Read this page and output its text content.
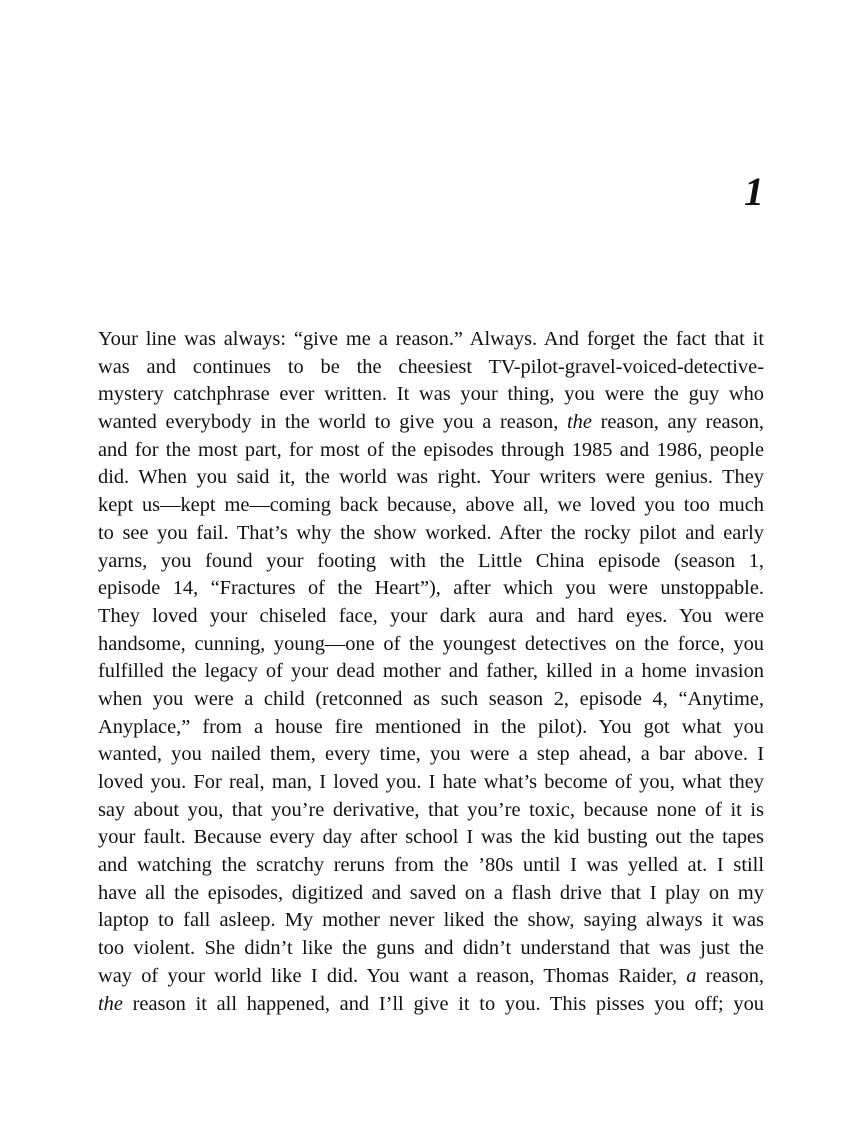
1
Your line was always: “give me a reason.” Always. And forget the fact that it
was and continues to be the cheesiest TV-pilot-gravel-voiced-detective-
mystery catchphrase ever written. It was your thing, you were the guy who
wanted everybody in the world to give you a reason, the reason, any reason,
and for the most part, for most of the episodes through 1985 and 1986, people
did. When you said it, the world was right. Your writers were genius. They
kept us—kept me—coming back because, above all, we loved you too much
to see you fail. That’s why the show worked. After the rocky pilot and early
yarns, you found your footing with the Little China episode (season 1,
episode 14, “Fractures of the Heart”), after which you were unstoppable.
They loved your chiseled face, your dark aura and hard eyes. You were
handsome, cunning, young—one of the youngest detectives on the force, you
fulfilled the legacy of your dead mother and father, killed in a home invasion
when you were a child (retconned as such season 2, episode 4, “Anytime,
Anyplace,” from a house fire mentioned in the pilot). You got what you
wanted, you nailed them, every time, you were a step ahead, a bar above. I
loved you. For real, man, I loved you. I hate what’s become of you, what they
say about you, that you’re derivative, that you’re toxic, because none of it is
your fault. Because every day after school I was the kid busting out the tapes
and watching the scratchy reruns from the ’80s until I was yelled at. I still
have all the episodes, digitized and saved on a flash drive that I play on my
laptop to fall asleep. My mother never liked the show, saying always it was
too violent. She didn’t like the guns and didn’t understand that was just the
way of your world like I did. You want a reason, Thomas Raider, a reason,
the reason it all happened, and I’ll give it to you. This pisses you off; you
